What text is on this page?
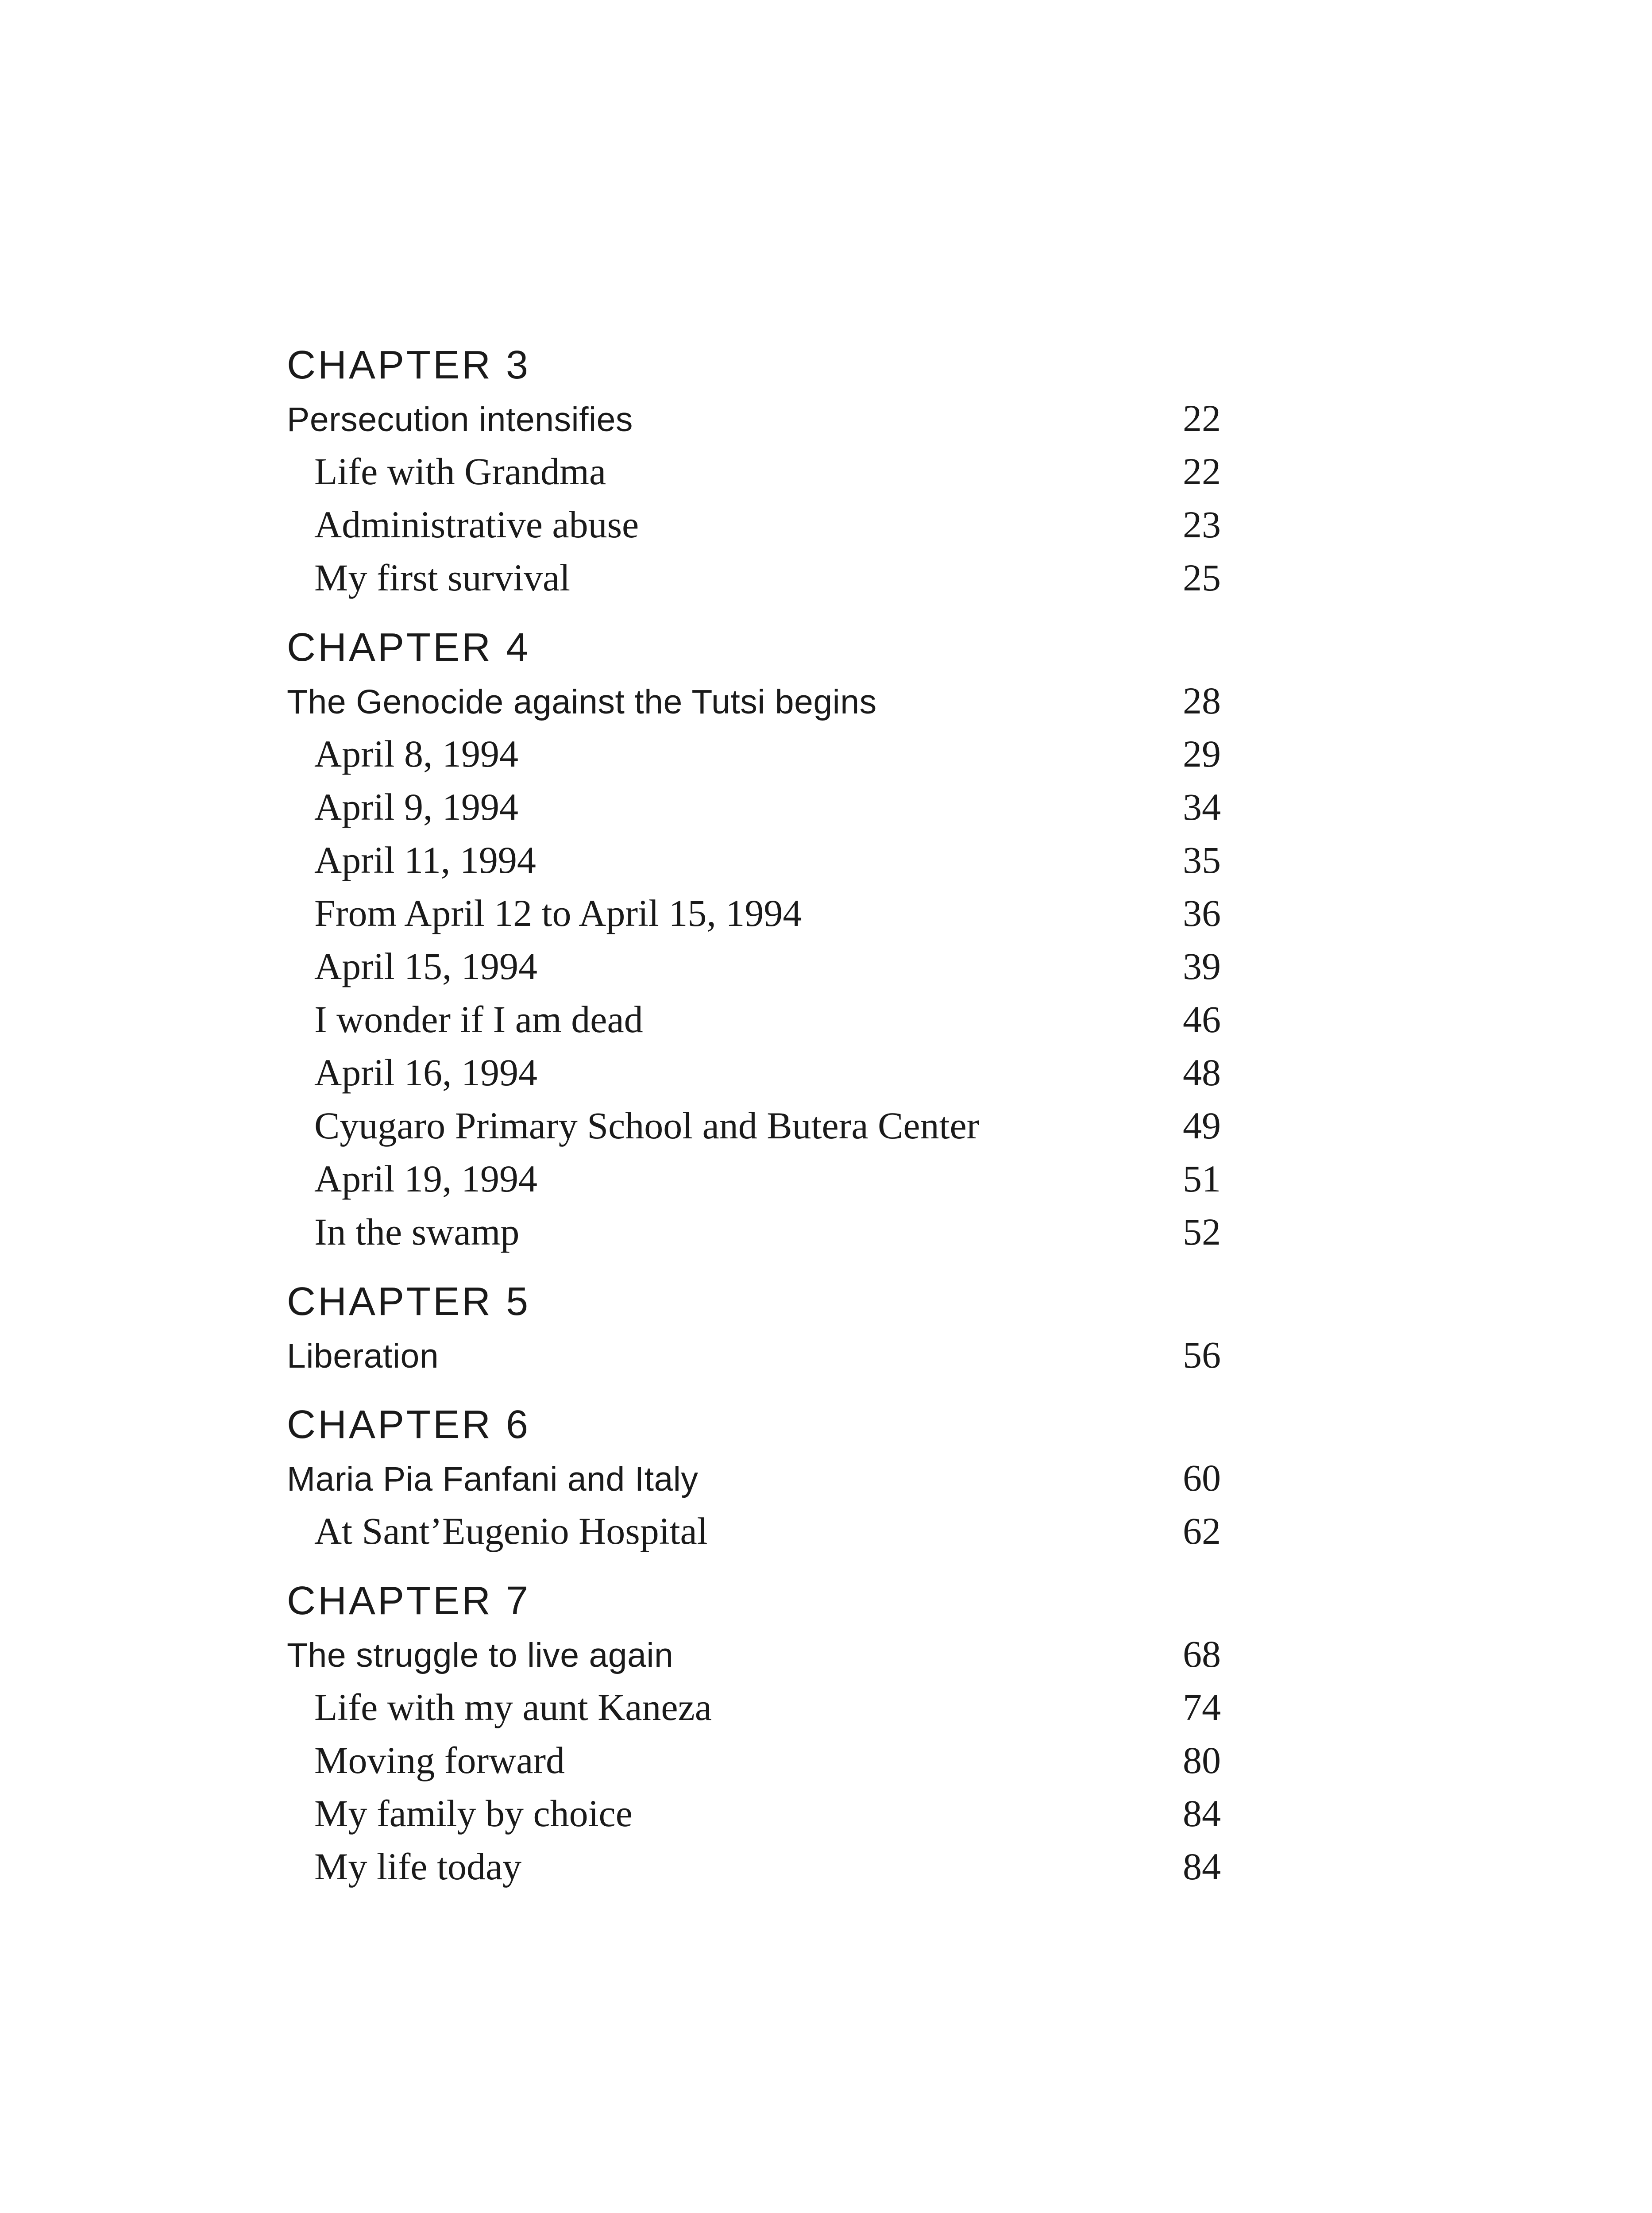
CHAPTER 3
Persecution intensifies	22
Life with Grandma	22
Administrative abuse	23
My first survival	25
CHAPTER 4
The Genocide against the Tutsi begins	28
April 8, 1994	29
April 9, 1994	34
April 11, 1994	35
From April 12 to April 15, 1994	36
April 15, 1994	39
I wonder if I am dead	46
April 16, 1994	48
Cyugaro Primary School and Butera Center	49
April 19, 1994	51
In the swamp	52
CHAPTER 5
Liberation	56
CHAPTER 6
Maria Pia Fanfani and Italy	60
At Sant’Eugenio Hospital	62
CHAPTER 7
The struggle to live again	68
Life with my aunt Kaneza	74
Moving forward	80
My family by choice	84
My life today	84
